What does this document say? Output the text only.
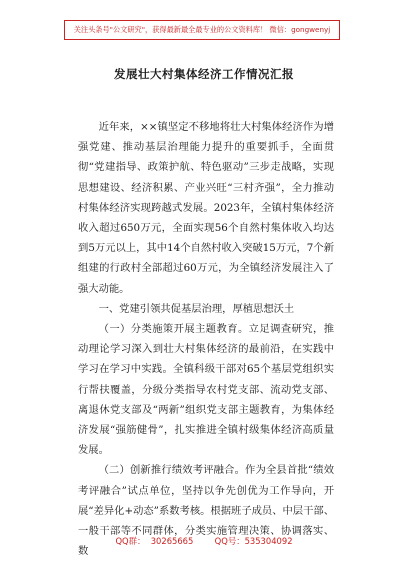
关注头条号"公文研究"，获得最新最全最专业的公文资料库！ 微信：gongwenyj
发展壮大村集体经济工作情况汇报

近年来，××镇坚定不移地将壮大村集体经济作为增强党建、推动基层治理能力提升的重要抓手，全面贯彻“党建指导、政策护航、特色驱动”三步走战略，实现思想建设、经济积累、产业兴旺“三村齐强”，全力推动村集体经济实现跨越式发展。2023年，全镇村集体经济收入超过650万元，全面实现56个自然村集体收入均达到5万元以上，其中14个自然村收入突破15万元，7个新组建的行政村全部超过60万元，为全镇经济发展注入了强大动能。

一、党建引领共促基层治理，厚植思想沃土

（一）分类施策开展主题教育。立足调查研究，推动理论学习深入到壮大村集体经济的最前沿，在实践中学习在学习中实践。全镇科级干部对65个基层党组织实行帮扶覆盖，分级分类指导农村党支部、流动党支部、离退休党支部及“两新”组织党支部主题教育，为集体经济发展“强筋健骨”，扎实推进全镇村级集体经济高质量发展。

（二）创新推行绩效考评融合。作为全县首批“绩效考评融合”试点单位，坚持以争先创优为工作导向，开展“差异化+动态”系数考核。根据班子成员、中层干部、一般干部等不同群体，分类实施管理决策、协调落实、数

QQ群：  30265665        QQ号：535304092
